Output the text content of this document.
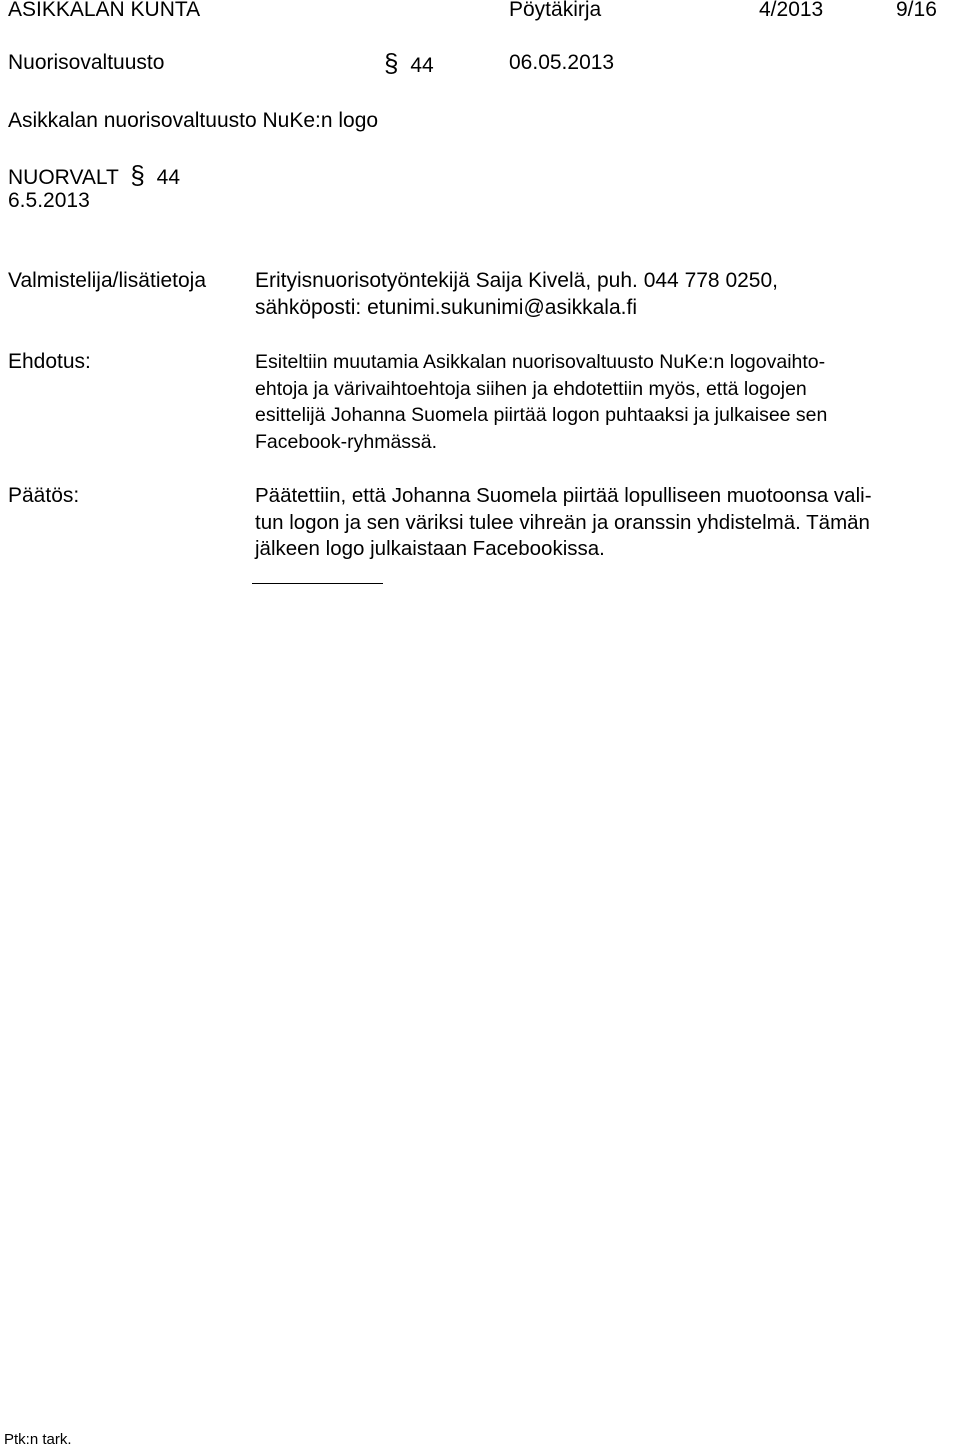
ASIKKALAN KUNTA	Pöytäkirja	4/2013	9/16
Nuorisovaltuusto	§ 44	06.05.2013
Asikkalan nuorisovaltuusto NuKe:n logo
NUORVALT § 44
6.5.2013
Valmistelija/lisätietoja Erityisnuorisotyöntekijä Saija Kivelä, puh. 044 778 0250,
sähköposti: etunimi.sukunimi@asikkala.fi
Ehdotus:	Esiteltiin muutamia Asikkalan nuorisovaltuusto NuKe:n logovaihto-
ehtoja ja värivaihtoehtoja siihen ja ehdotettiin myös, että logojen
esittelijä Johanna Suomela piirtää logon puhtaaksi ja julkaisee sen
Facebook-ryhmässä.
Päätös:	Päätettiin, että Johanna Suomela piirtää lopulliseen muotoonsa vali-
tun logon ja sen väriksi tulee vihreän ja oranssin yhdistelmä. Tämän
jälkeen logo julkaistaan Facebookissa.
Ptk:n tark.
